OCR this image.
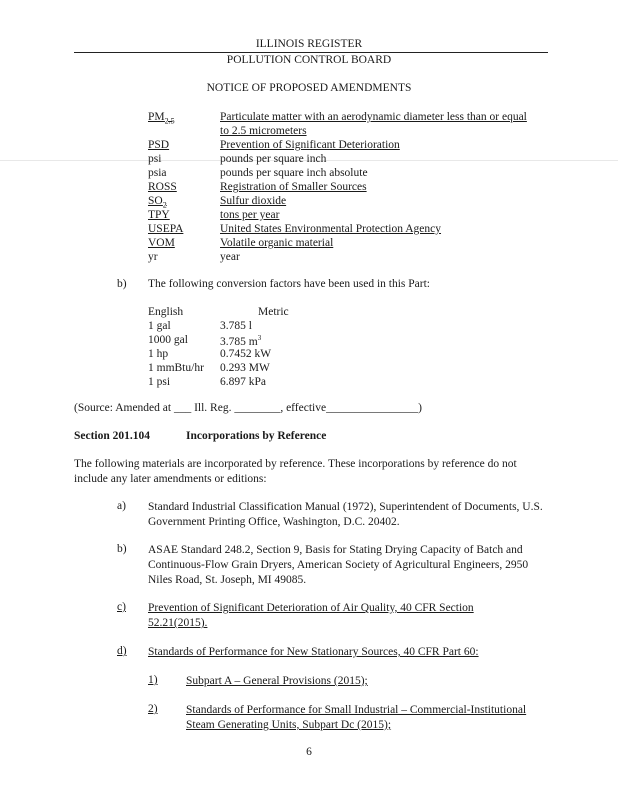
ILLINOIS REGISTER
POLLUTION CONTROL BOARD
NOTICE OF PROPOSED AMENDMENTS
$PM_{2.5}$	Particulate matter with an aerodynamic diameter less than or equal
to 2.5 micrometers
PSD	Prevention of Significant Deterioration
psi	pounds per square inch
psia	pounds per square inch absolute
ROSS	Registration of Smaller Sources
$SO_2$	Sulfur dioxide
TPY	tons per year
USEPA	United States Environmental Protection Agency
VOM	Volatile organic material
yr	year
b) The following conversion factors have been used in this Part:
English	Metric
1 gal	3.785 l
1000 gal	3.785 $m^3$
1 hp	0.7452 kW
1 mmBtu/hr 0.293 MW
1 psi	6.897 kPa
(Source: Amended at ___ Ill. Reg. ________, effective________________)
Section 201.104	Incorporations by Reference
The following materials are incorporated by reference. These incorporations by reference do not include any later amendments or editions:
a) Standard Industrial Classification Manual (1972), Superintendent of Documents, U.S. Government Printing Office, Washington, D.C. 20402.
b) ASAE Standard 248.2, Section 9, Basis for Stating Drying Capacity of Batch and Continuous-Flow Grain Dryers, American Society of Agricultural Engineers, 2950 Niles Road, St. Joseph, MI 49085.
c) Prevention of Significant Deterioration of Air Quality, 40 CFR Section 52.21(2015).
d) Standards of Performance for New Stationary Sources, 40 CFR Part 60:
1) Subpart A – General Provisions (2015);
2) Standards of Performance for Small Industrial – Commercial-Institutional Steam Generating Units, Subpart Dc (2015);
6
